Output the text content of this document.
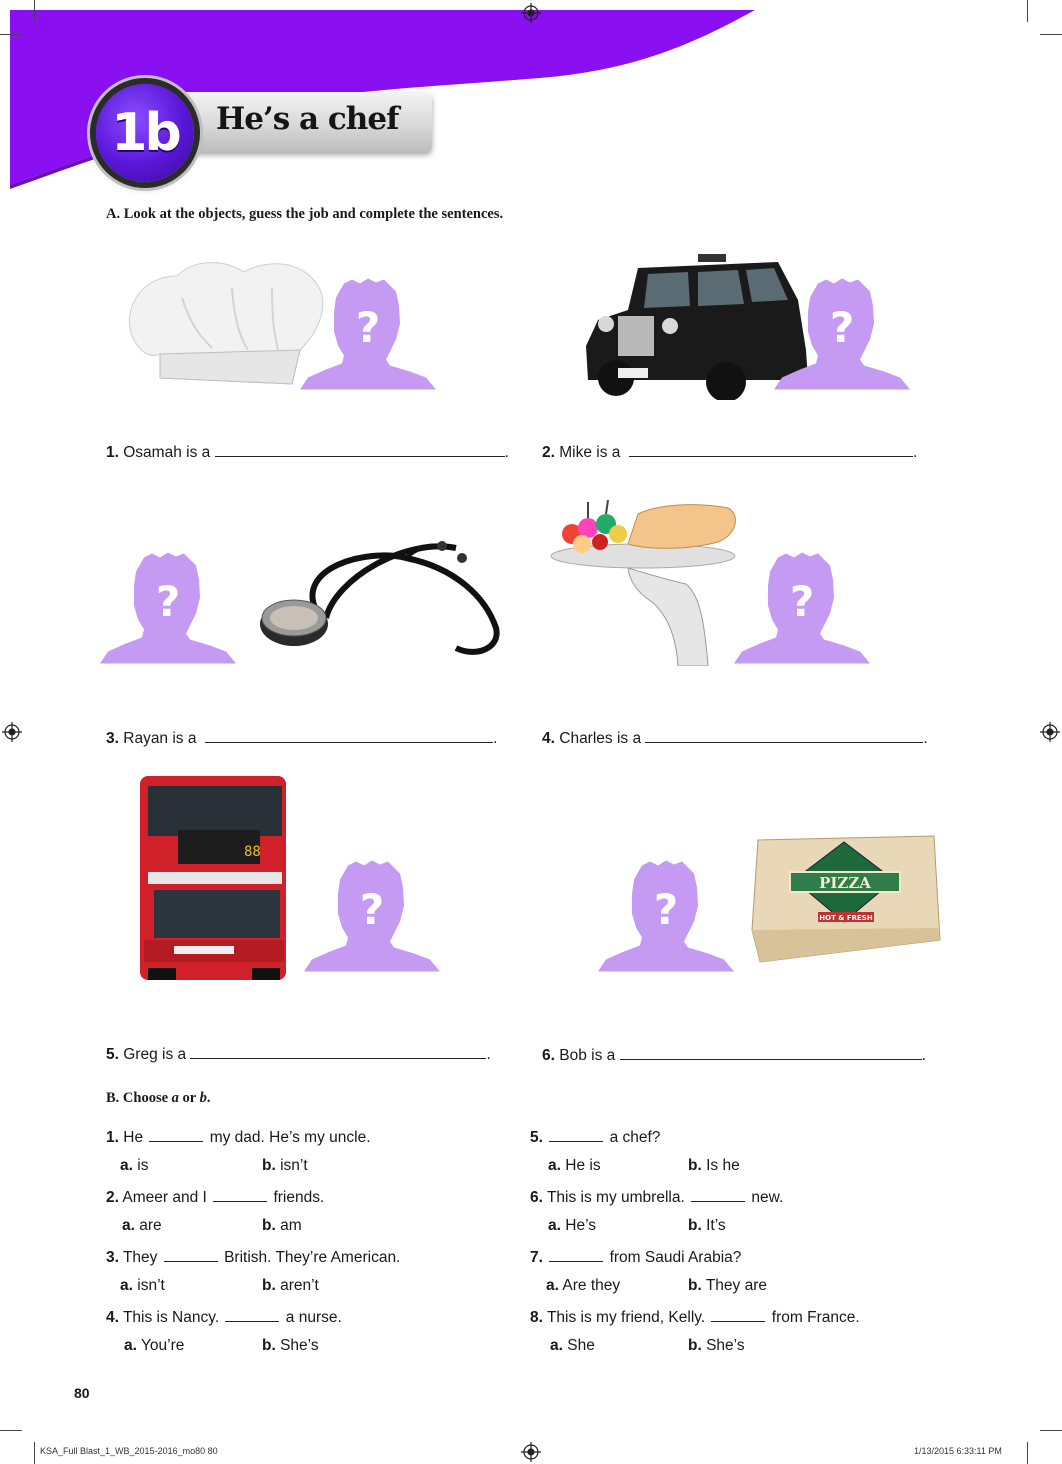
1b He’s a chef
A. Look at the objects, guess the job and complete the sentences.
?	?
1. Osamah is a	. 2. Mike is a	.
?	?
3. Rayan is a	.	4. Charles is a	.
88
?	?
PIZZA
HOT & FRESH
5. Greg is a	.	6. Bob is a	.
B. Choose a or b.
1. He	my dad. He’s my uncle.
a. is	b. isn’t
2. Ameer and I	friends.
a. are	b. am
3. They	British. They’re American.
a. isn’t	b. aren’t
4. This is Nancy.	a nurse.
a. You’re	b. She’s
5.	a chef?
a. He is	b. Is he
6. This is my umbrella.	new.
a. He’s	b. It’s
7.	from Saudi Arabia?
a. Are they	b. They are
8. This is my friend, Kelly.	from France.
a. She	b. She’s
80
KSA_Full Blast_1_WB_2015-2016_mo80 80	1/13/2015 6:33:11 PM
